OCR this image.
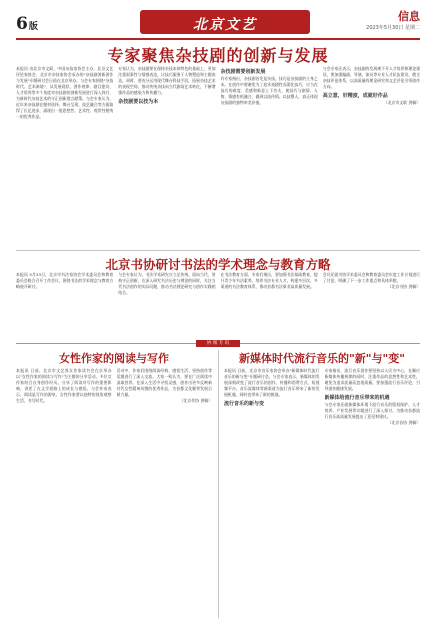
6版	北京文艺
信息
2023年5月30日 星期二
专家聚焦杂技剧的创新与发展
本报讯 由北京市文联、中国杂技家协会主办，北京文艺评论家协会、北京市杂技家协会承办的"杂技剧创新创作与发展"专题研讨会日前在北京举办。与会专家围绕"杂技时代、艺术新境"，从发展现状、创作规律、剧目建设、人才培养等多个角度对杂技剧的创新发展进行深入探讨，为新时代杂技艺术的守正创新建言献策。与会专家认为，近年来杂技剧在题材选择、舞台呈现、技艺融合等方面取得了长足进步，涌现出一批思想性、艺术性、观赏性相统一的优秀作品。
专家认为，杂技剧要在保持杂技本体特色的基础上，更加注重叙事性与情感表达，让技巧服务于人物塑造和主题表达。同时，要充分运用现代舞台科技手段，拓展杂技艺术的表现空间，推动传统杂技向当代剧场艺术转化，不断增强作品的感染力和传播力。
杂技剧要以技为本
杂技剧需要创新发展
有专家指出，杂技剧首先是杂技，技巧是杂技剧的立身之本。在创作中要避免为了追求戏剧性而弱化技巧，应当在技巧的难度、美感和新意上下功夫，使技巧与剧情、人物、情感有机融合，做到以技传情、以技塑人，真正体现杂技剧的独特审美价值。
与会专家还表示，杂技剧的发展离不开人才培养和理论建设。要加强编剧、导演、演员等专业人才队伍建设，健全杂技评论体系，以高质量的理论研究和文艺评论引领创作方向。
高立意，好精度，成就好作品
（北京市文联 供稿）
北京书协研讨书法的学术理念与教育方略
本报讯 5月23日，北京市书法家协会学术委员会和教育委员会联合召开工作会议，围绕书法的学术理念与教育方略展开研讨。
与会专家认为，书法学术研究应立足传统、面向当代，坚持守正创新，在深入研究书法历史与理论的同时，关注当代书法创作的实际问题，推动书法理论研究与创作实践相结合。
在书法教育方面，专家们指出，要加强书法基础教育，提升青少年书法素养，培养书法专业人才，构建多层次、多渠道的书法教育体系，推动首都书法事业高质量发展。
会议还就书协学术委员会和教育委员会年度工作计划进行了讨论，明确了下一步工作重点和具体举措。
（北京书协 供稿）
协 闻 专 讯
女性作家的阅读与写作
本报讯 日前，北京市文艺界女作家读书会在京举办以"女性作家的阅读与写作"为主题的分享活动。多位女作家结合自身创作经历，分享了阅读对写作的重要影响，讲述了在文学道路上的成长与感悟。与会作家表示，阅读是写作的源泉，女性作家要以独特的视角观察生活、书写时代。
活动中，作家们围绕阅读经典、感悟生活、坚持创作等话题进行了深入交流，大家一致认为，要在广泛阅读中汲取营养，在深入生活中寻找灵感，创作出更多反映新时代女性精神风貌的优秀作品，为首都文化繁荣发展贡献力量。
（北京作协 供稿）
新媒体时代流行音乐的"新"与"变"
本报讯 日前，北京市音乐家协会举办"新媒体时代流行音乐的新与变"专题研讨会。与会专家表示，新媒体的发展深刻改变了流行音乐的创作、传播和消费方式，短视频平台、音乐流媒体等新渠道为流行音乐带来了新的发展机遇，同时也带来了新的挑战。
流行音乐的新与变
专家指出，流行音乐创作要坚持以人民为中心，在顺应新媒体传播规律的同时，注重作品的思想性和艺术性，避免为追求流量而忽视质量。要加强流行音乐评论，引导创作健康发展。
新媒体给流行音乐带来的机遇
与会专家还就新媒体环境下流行音乐的版权保护、人才培养、产业发展等议题进行了深入探讨，为推动首都流行音乐高质量发展提出了意见和建议。
（北京音协 供稿）
